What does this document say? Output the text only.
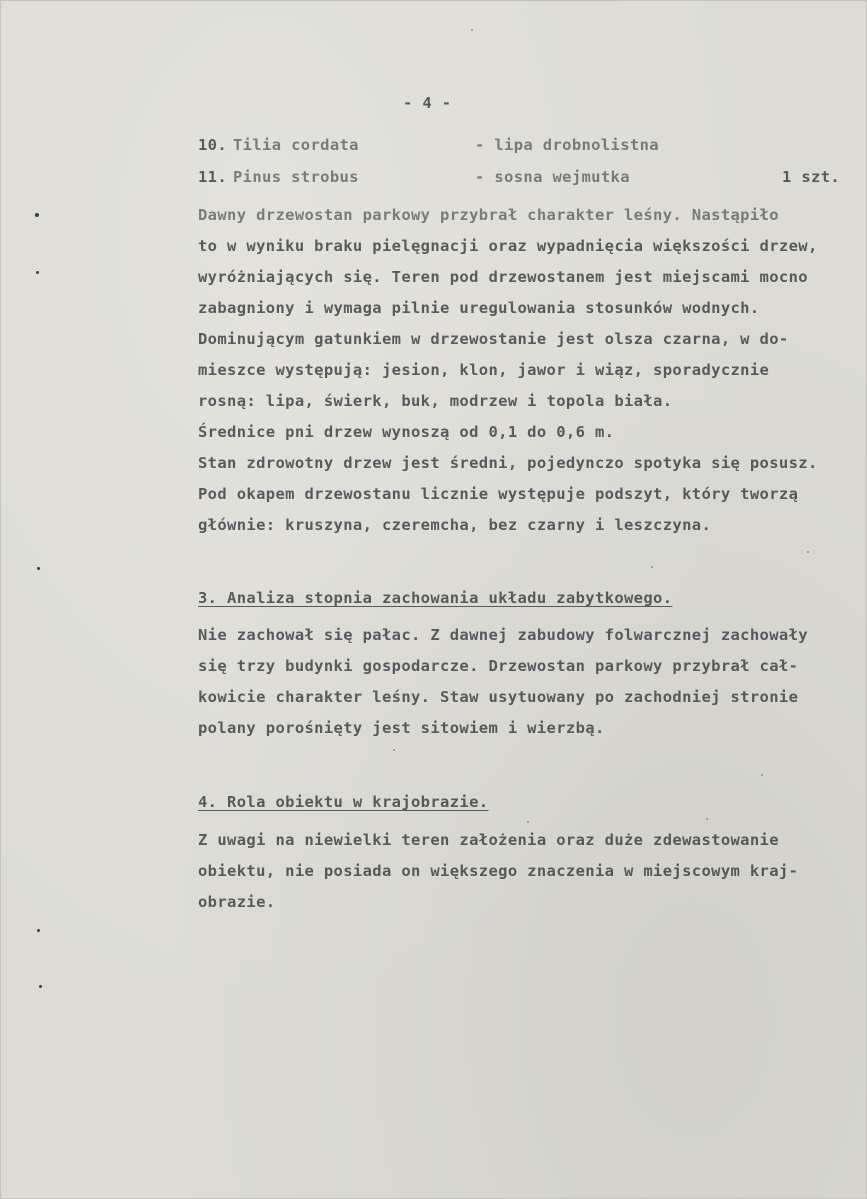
- 4 -
10. Tilia cordata	- lipa drobnolistna
11. Pinus strobus	- sosna wejmutka	1 szt.
Dawny drzewostan parkowy przybrał charakter leśny. Nastąpiło
to w wyniku braku pielęgnacji oraz wypadnięcia większości drzew,
wyróżniających się. Teren pod drzewostanem jest miejscami mocno
zabagniony i wymaga pilnie uregulowania stosunków wodnych.
Dominującym gatunkiem w drzewostanie jest olsza czarna, w do-
mieszce występują: jesion, klon, jawor i wiąz, sporadycznie
rosną: lipa, świerk, buk, modrzew i topola biała.
Średnice pni drzew wynoszą od 0,1 do 0,6 m.
Stan zdrowotny drzew jest średni, pojedynczo spotyka się posusz.
Pod okapem drzewostanu licznie występuje podszyt, który tworzą
głównie: kruszyna, czeremcha, bez czarny i leszczyna.
3. Analiza stopnia zachowania układu zabytkowego.
Nie zachował się pałac. Z dawnej zabudowy folwarcznej zachowały
się trzy budynki gospodarcze. Drzewostan parkowy przybrał cał-
kowicie charakter leśny. Staw usytuowany po zachodniej stronie
polany porośnięty jest sitowiem i wierzbą.
4. Rola obiektu w krajobrazie.
Z uwagi na niewielki teren założenia oraz duże zdewastowanie
obiektu, nie posiada on większego znaczenia w miejscowym kraj-
obrazie.
